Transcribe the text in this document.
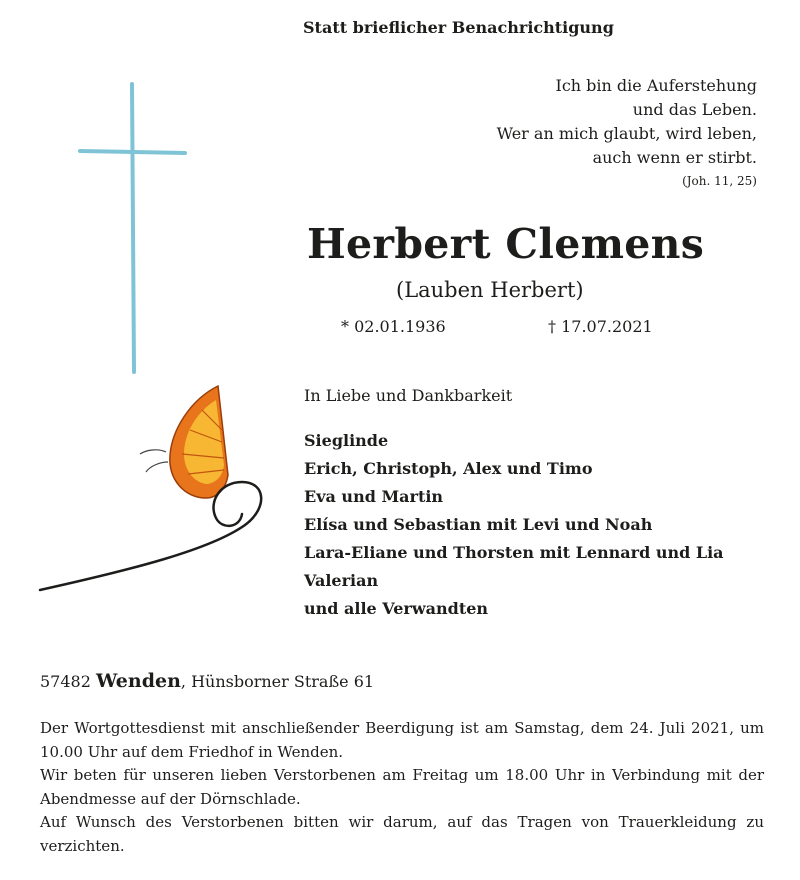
Statt brieflicher Benachrichtigung
Ich bin die Auferstehung
und das Leben.
Wer an mich glaubt, wird leben,
auch wenn er stirbt.
(Joh. 11, 25)
Herbert Clemens
(Lauben Herbert)
* 02.01.1936	† 17.07.2021
In Liebe und Dankbarkeit
Sieglinde
Erich, Christoph, Alex und Timo
Eva und Martin
Elísa und Sebastian mit Levi und Noah
Lara-Eliane und Thorsten mit Lennard und Lia
Valerian
und alle Verwandten
57482 Wenden, Hünsborner Straße 61

Der Wortgottesdienst mit anschließender Beerdigung ist am Samstag, dem 24. Juli 2021, um 10.00 Uhr auf dem Friedhof in Wenden.

Wir beten für unseren lieben Verstorbenen am Freitag um 18.00 Uhr in Verbindung mit der Abendmesse auf der Dörnschlade.

Auf Wunsch des Verstorbenen bitten wir darum, auf das Tragen von Trauerkleidung zu verzichten.
